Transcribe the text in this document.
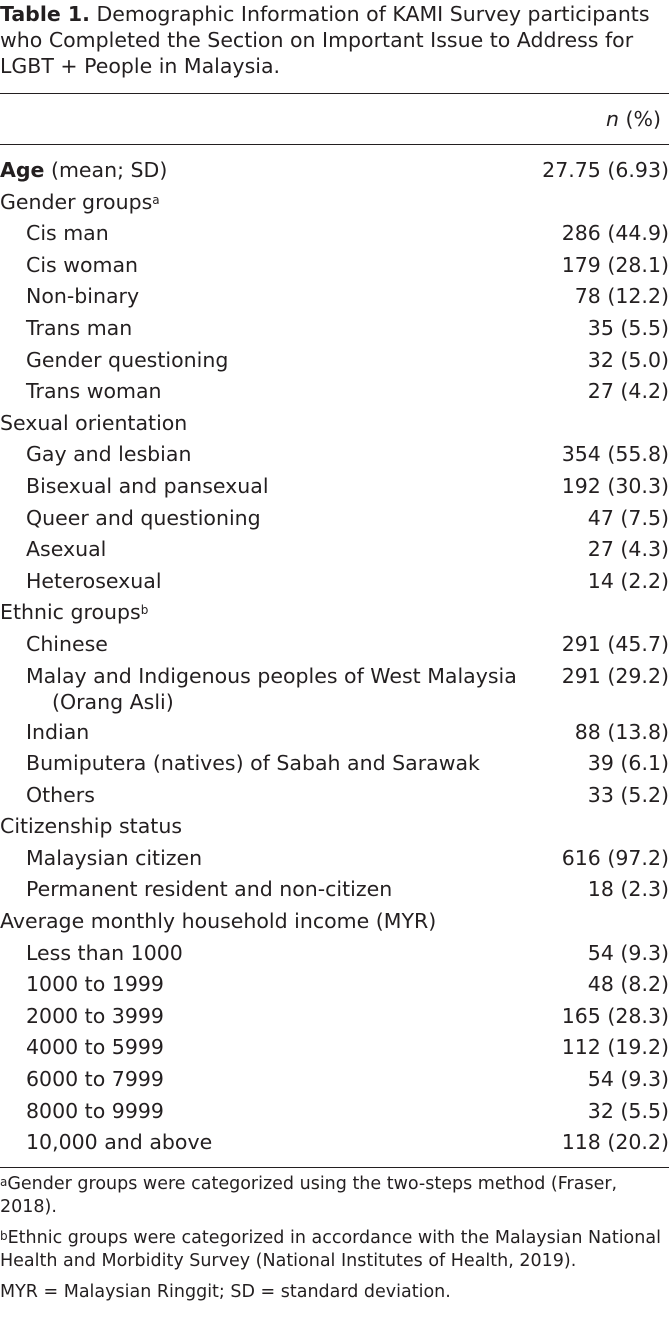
Table 1. Demographic Information of KAMI Survey participants
who Completed the Section on Important Issue to Address for
LGBT + People in Malaysia.
n (%)
Age (mean; SD)	27.75 (6.93)
Gender groups$^a$
Cis man	286 (44.9)
Cis woman	179 (28.1)
Non-binary	78 (12.2)
Trans man	35 (5.5)
Gender questioning	32 (5.0)
Trans woman	27 (4.2)
Sexual orientation
Gay and lesbian	354 (55.8)
Bisexual and pansexual	192 (30.3)
Queer and questioning	47 (7.5)
Asexual	27 (4.3)
Heterosexual	14 (2.2)
Ethnic groups$^b$
Chinese	291 (45.7)
Malay and Indigenous peoples of West Malaysia
(Orang Asli)
291 (29.2)
Indian	88 (13.8)
Bumiputera (natives) of Sabah and Sarawak	39 (6.1)
Others	33 (5.2)
Citizenship status
Malaysian citizen	616 (97.2)
Permanent resident and non-citizen	18 (2.3)
Average monthly household income (MYR)
Less than 1000	54 (9.3)
1000 to 1999	48 (8.2)
2000 to 3999	165 (28.3)
4000 to 5999	112 (19.2)
6000 to 7999	54 (9.3)
8000 to 9999	32 (5.5)
10,000 and above	118 (20.2)
$^a$Gender groups were categorized using the two-steps method (Fraser,
2018).
$^b$Ethnic groups were categorized in accordance with the Malaysian National
Health and Morbidity Survey (National Institutes of Health, 2019).
MYR = Malaysian Ringgit; SD = standard deviation.
